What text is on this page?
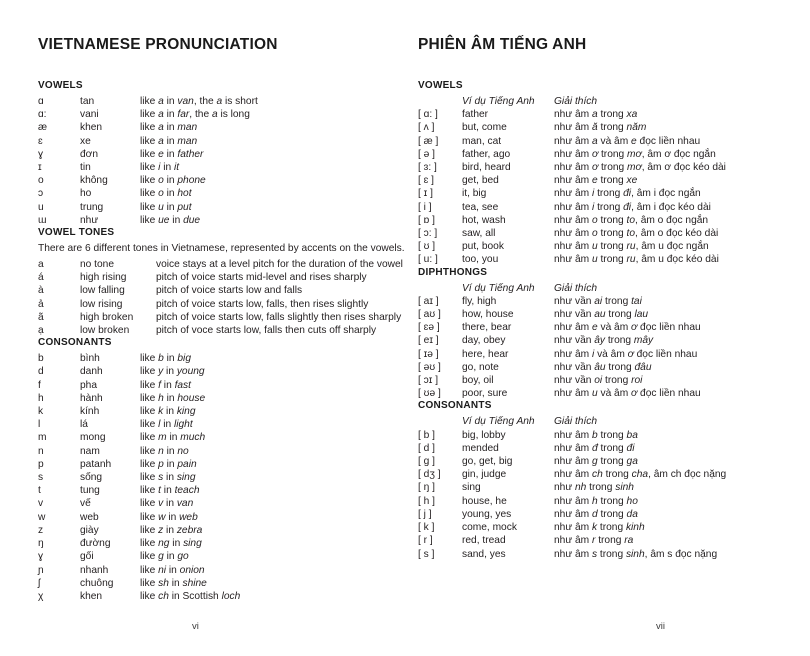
VIETNAMESE PRONUNCIATION
VOWELS
ɑ	tan	like a in van, the a is short
ɑ:	vani	like a in far, the a is long
æ	khen	like a in man
ɛ	xe	like a in man
ɣ	đơn	like e in father
ɪ	tin	like i in it
o	không	like o in phone
ɔ	ho	like o in hot
u	trung	like u in put
ɯ	như	like ue in due
VOWEL TONES

There are 6 different tones in Vietnamese, represented by accents on the vowels.

a	no tone	voice stays at a level pitch for the duration of the vowel
á	high rising	pitch of voice starts mid-level and rises sharply
à	low falling	pitch of voice starts low and falls
ả	low rising	pitch of voice starts low, falls, then rises slightly
ã	high broken	pitch of voice starts low, falls slightly then rises sharply
ạ	low broken	pitch of voce starts low, falls then cuts off sharply
CONSONANTS
b	bình	like b in big
d	danh	like y in young
f	pha	like f in fast
h	hành	like h in house
k	kính	like k in king
l	lá	like l in light
m	mong	like m in much
n	nam	like n in no
p	patanh	like p in pain
s	sống	like s in sing
t	tung	like t in teach
v	vế	like v in van
w	web	like w in web
z	giày	like z in zebra
ŋ	đường	like ng in sing
ɣ	gối	like g in go
ɲ	nhanh	like ni in onion
ʃ	chuông	like sh in shine
χ	khen	like ch in Scottish loch
vi
PHIÊN ÂM TIẾNG ANH
VOWELS
	Ví dụ Tiếng Anh	Giải thích
[ ɑ: ]	father	như âm a trong xa
[ ʌ ]	but, come	như âm ă trong năm
[ æ ]	man, cat	như âm a và âm e đọc liền nhau
[ ə ]	father, ago	như âm ơ trong mơ, âm ơ đọc ngắn
[ ɜ: ]	bird, heard	như âm ơ trong mơ, âm ơ đọc kéo dài
[ ɛ ]	get, bed	như âm e trong xe
[ ɪ ]	it, big	như âm i trong đi, âm i đọc ngắn
[ i ]	tea, see	như âm i trong đi, âm i đọc kéo dài
[ ɒ ]	hot, wash	như âm o trong to, âm o đọc ngắn
[ ɔ: ]	saw, all	như âm o trong to, âm o đọc kéo dài
[ ʊ ]	put, book	như âm u trong ru, âm u đọc ngắn
[ u: ]	too, you	như âm u trong ru, âm u đọc kéo dài
DIPHTHONGS
	Ví dụ Tiếng Anh	Giải thích
[ aɪ ]	fly, high	như vần ai trong tai
[ aʊ ]	how, house	như vần au trong lau
[ ɛə ]	there, bear	như âm e và âm ơ đọc liền nhau
[ eɪ ]	day, obey	như vần ây trong mây
[ ɪə ]	here, hear	như âm i và âm ơ đọc liền nhau
[ əʊ ]	go, note	như vần âu trong đâu
[ ɔɪ ]	boy, oil	như vần oi trong roi
[ ʊə ]	poor, sure	như âm u và âm ơ đọc liền nhau
CONSONANTS
	Ví dụ Tiếng Anh	Giải thích
[ b ]	big, lobby	như âm b trong ba
[ d ]	mended	như âm đ trong đi
[ g ]	go, get, big	như âm g trong ga
[ dʒ ]	gin, judge	như âm ch trong cha, âm ch đọc nặng
[ ŋ ]	sing	như nh trong sinh
[ h ]	house, he	như âm h trong ho
[ j ]	young, yes	như âm d trong da
[ k ]	come, mock	như âm k trong kinh
[ r ]	red, tread	như âm r trong ra
[ s ]	sand, yes	như âm s trong sinh, âm s đọc nặng
vii
